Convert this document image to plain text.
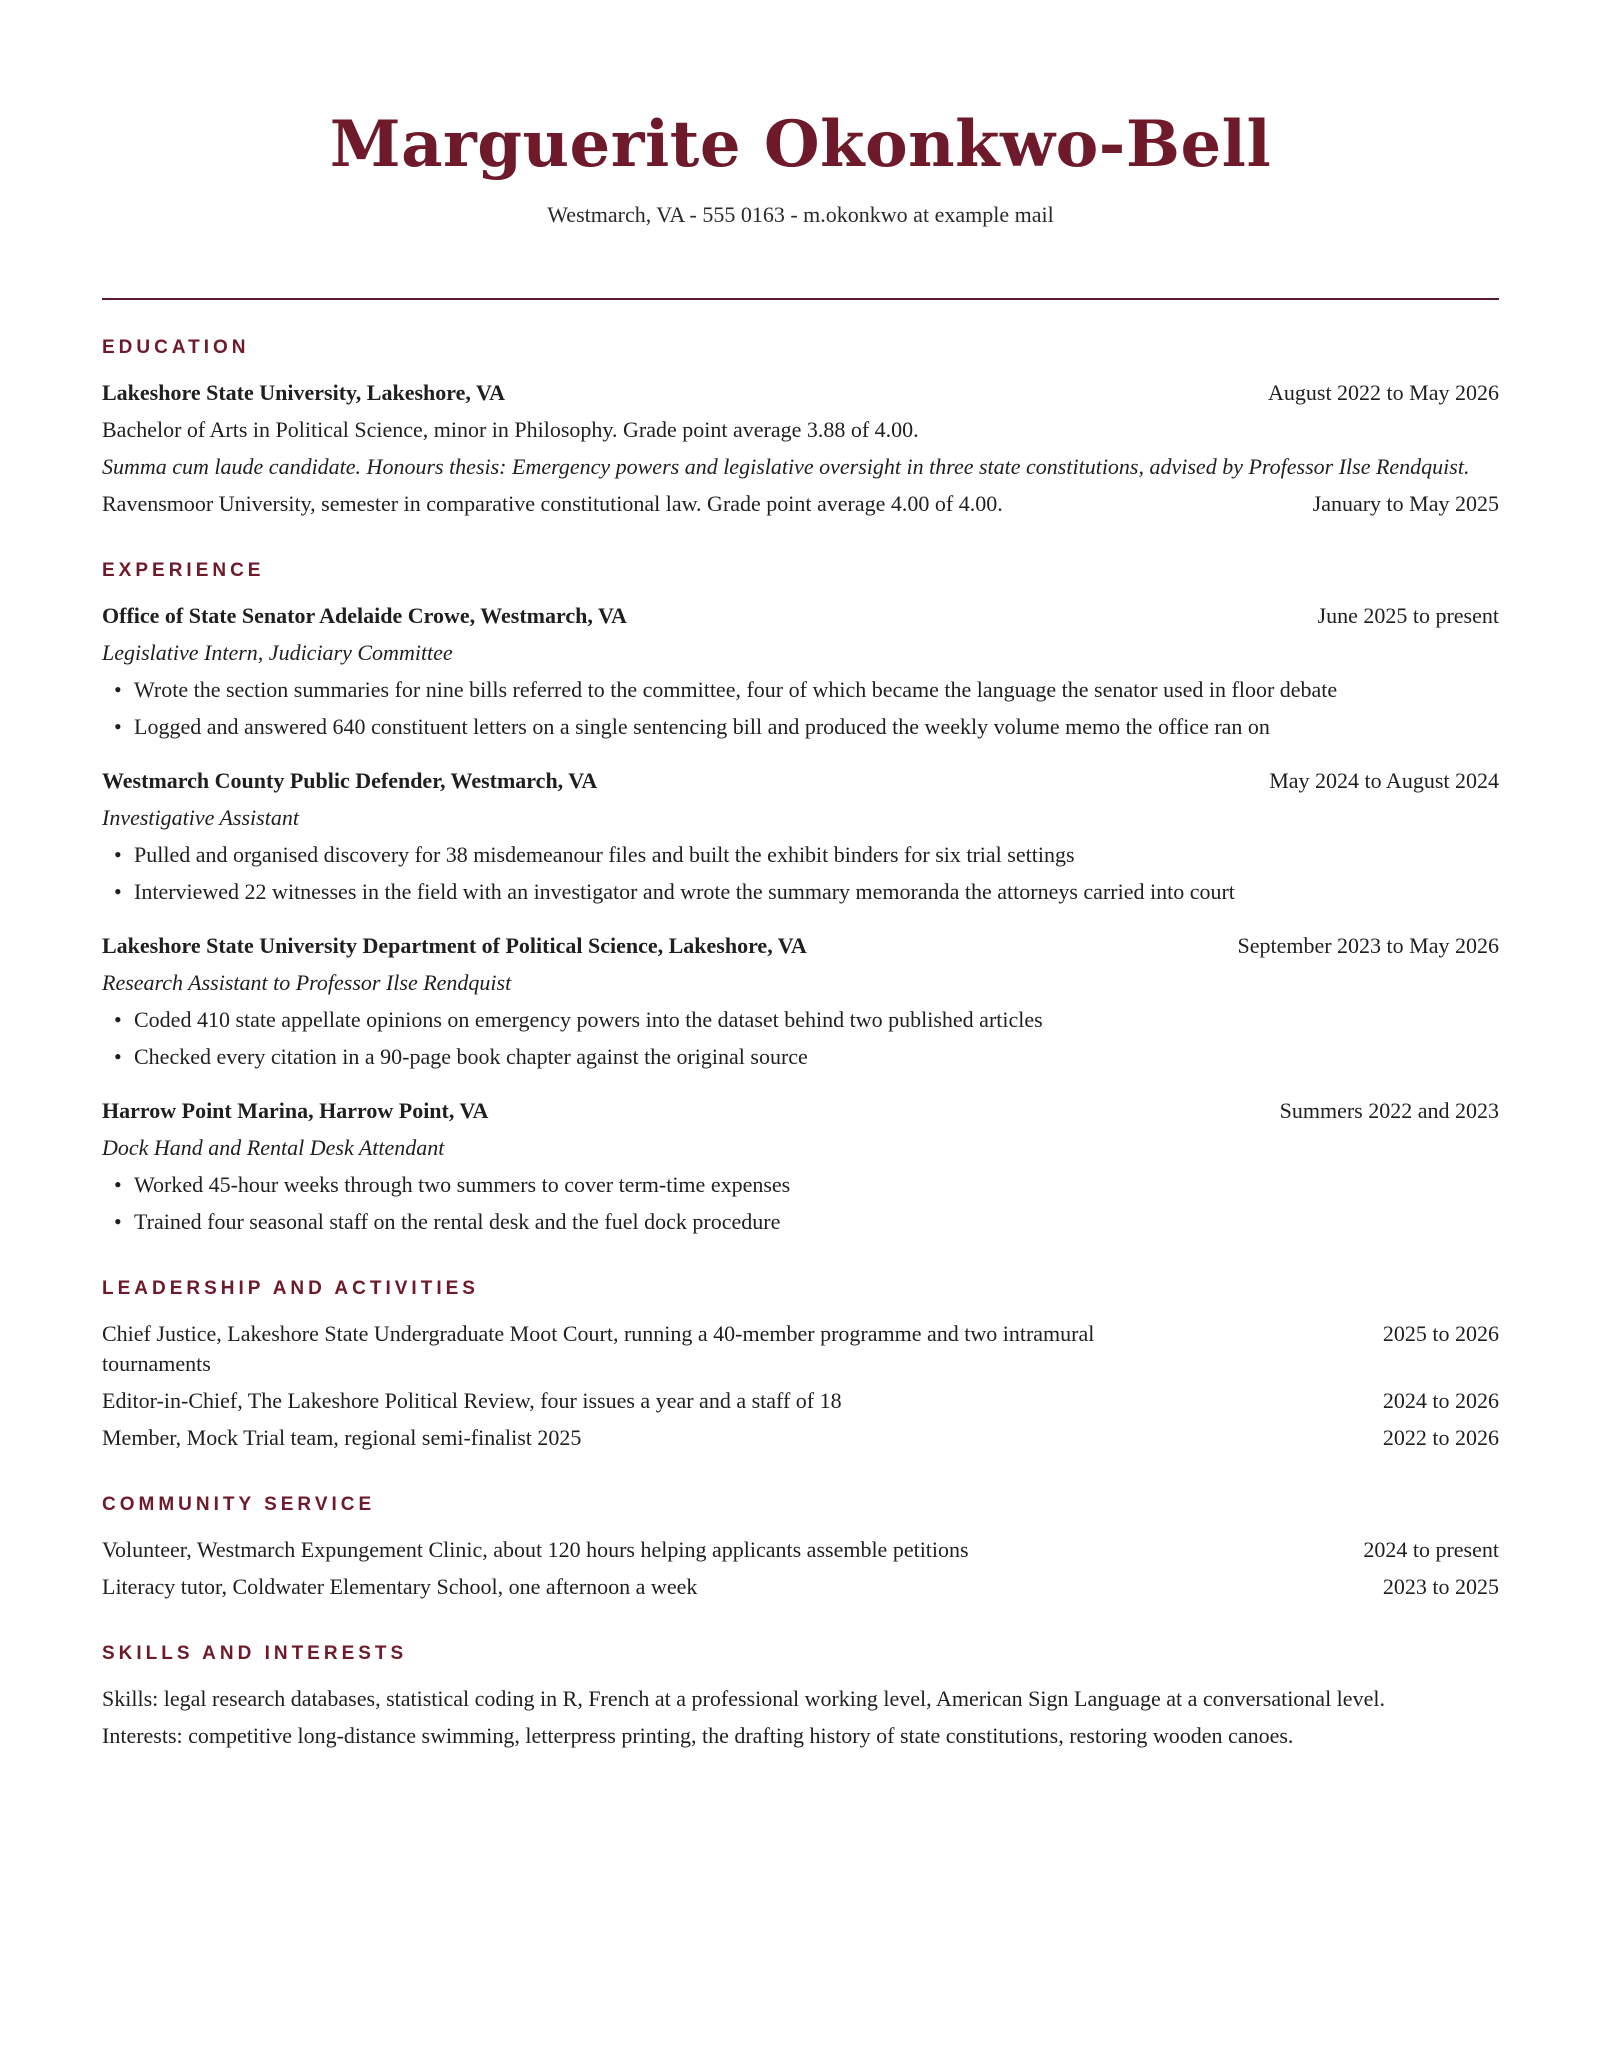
Marguerite Okonkwo-Bell
Westmarch, VA - 555 0163 - m.okonkwo at example mail
EDUCATION
Lakeshore State University, Lakeshore, VA	August 2022 to May 2026
Bachelor of Arts in Political Science, minor in Philosophy. Grade point average 3.88 of 4.00.
Summa cum laude candidate. Honours thesis: Emergency powers and legislative oversight in three state constitutions, advised by Professor Ilse Rendquist.
Ravensmoor University, semester in comparative constitutional law. Grade point average 4.00 of 4.00.	January to May 2025
EXPERIENCE
Office of State Senator Adelaide Crowe, Westmarch, VA	June 2025 to present
Legislative Intern, Judiciary Committee
• Wrote the section summaries for nine bills referred to the committee, four of which became the language the senator used in floor debate
• Logged and answered 640 constituent letters on a single sentencing bill and produced the weekly volume memo the office ran on
Westmarch County Public Defender, Westmarch, VA	May 2024 to August 2024
Investigative Assistant
• Pulled and organised discovery for 38 misdemeanour files and built the exhibit binders for six trial settings
• Interviewed 22 witnesses in the field with an investigator and wrote the summary memoranda the attorneys carried into court
Lakeshore State University Department of Political Science, Lakeshore, VA	September 2023 to May 2026
Research Assistant to Professor Ilse Rendquist
• Coded 410 state appellate opinions on emergency powers into the dataset behind two published articles
• Checked every citation in a 90-page book chapter against the original source
Harrow Point Marina, Harrow Point, VA	Summers 2022 and 2023
Dock Hand and Rental Desk Attendant
• Worked 45-hour weeks through two summers to cover term-time expenses
• Trained four seasonal staff on the rental desk and the fuel dock procedure
LEADERSHIP AND ACTIVITIES
Chief Justice, Lakeshore State Undergraduate Moot Court, running a 40-member programme and two intramural tournaments
2025 to 2026
Editor-in-Chief, The Lakeshore Political Review, four issues a year and a staff of 18	2024 to 2026
Member, Mock Trial team, regional semi-finalist 2025	2022 to 2026
COMMUNITY SERVICE
Volunteer, Westmarch Expungement Clinic, about 120 hours helping applicants assemble petitions	2024 to present
Literacy tutor, Coldwater Elementary School, one afternoon a week	2023 to 2025
SKILLS AND INTERESTS
Skills: legal research databases, statistical coding in R, French at a professional working level, American Sign Language at a conversational level.
Interests: competitive long-distance swimming, letterpress printing, the drafting history of state constitutions, restoring wooden canoes.
